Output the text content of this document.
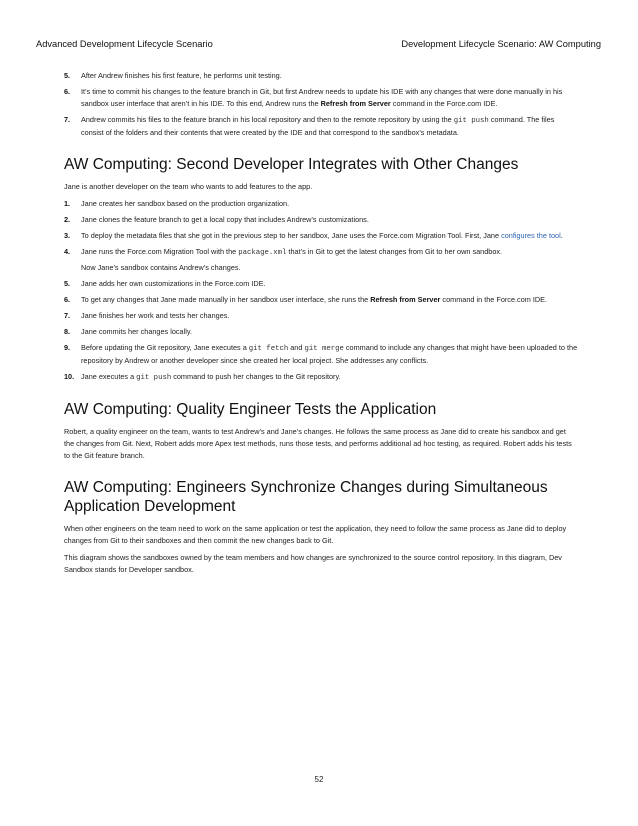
Advanced Development Lifecycle Scenario	Development Lifecycle Scenario: AW Computing
5. After Andrew finishes his first feature, he performs unit testing.
6. It’s time to commit his changes to the feature branch in Git, but first Andrew needs to update his IDE with any changes that were done manually in his sandbox user interface that aren’t in his IDE. To this end, Andrew runs the Refresh from Server command in the Force.com IDE.
7. Andrew commits his files to the feature branch in his local repository and then to the remote repository by using the git push command. The files consist of the folders and their contents that were created by the IDE and that correspond to the sandbox’s metadata.
AW Computing: Second Developer Integrates with Other Changes

Jane is another developer on the team who wants to add features to the app.

1. Jane creates her sandbox based on the production organization.
2. Jane clones the feature branch to get a local copy that includes Andrew’s customizations.
3. To deploy the metadata files that she got in the previous step to her sandbox, Jane uses the Force.com Migration Tool. First, Jane configures the tool.
4. Jane runs the Force.com Migration Tool with the package.xml that’s in Git to get the latest changes from Git to her own sandbox.
Now Jane’s sandbox contains Andrew’s changes.
5. Jane adds her own customizations in the Force.com IDE.
6. To get any changes that Jane made manually in her sandbox user interface, she runs the Refresh from Server command in the Force.com IDE.
7. Jane finishes her work and tests her changes.
8. Jane commits her changes locally.
9. Before updating the Git repository, Jane executes a git fetch and git merge command to include any changes that might have been uploaded to the repository by Andrew or another developer since she created her local project. She addresses any conflicts.
10. Jane executes a git push command to push her changes to the Git repository.
AW Computing: Quality Engineer Tests the Application

Robert, a quality engineer on the team, wants to test Andrew’s and Jane’s changes. He follows the same process as Jane did to create his sandbox and get the changes from Git. Next, Robert adds more Apex test methods, runs those tests, and performs additional ad hoc testing, as required. Robert adds his tests to the Git feature branch.

AW Computing: Engineers Synchronize Changes during Simultaneous Application Development

When other engineers on the team need to work on the same application or test the application, they need to follow the same process as Jane did to deploy changes from Git to their sandboxes and then commit the new changes back to Git.

This diagram shows the sandboxes owned by the team members and how changes are synchronized to the source control repository. In this diagram, Dev Sandbox stands for Developer sandbox.

52
